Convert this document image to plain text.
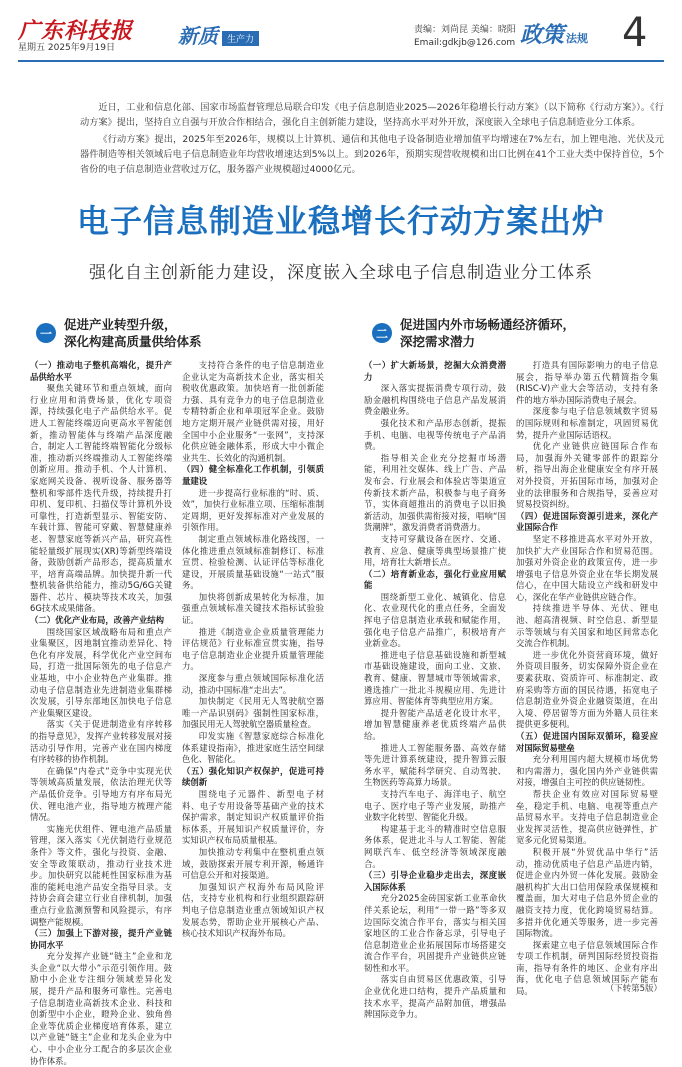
广东科技报
星期五 2025年9月19日	新质 生产力
责编：刘尚昆 美编：晓阳
Email:gdkjb@126.com 政策 法规 4

近日，工业和信息化部、国家市场监督管理总局联合印发《电子信息制造业2025—2026年稳增长行动方案》（以下简称《行动方案》）。《行动方案》提出，坚持自立自强与开放合作相结合，强化自主创新能力建设，坚持高水平对外开放，深度嵌入全球电子信息制造业分工体系。

《行动方案》提出，2025年至2026年，规模以上计算机、通信和其他电子设备制造业增加值平均增速在7%左右，加上锂电池、光伏及元器件制造等相关领域后电子信息制造业年均营收增速达到5%以上。到2026年，预期实现营收规模和出口比例在41个工业大类中保持首位，5个省份的电子信息制造业营收过万亿，服务器产业规模超过4000亿元。

电子信息制造业稳增长行动方案出炉
强化自主创新能力建设，深度嵌入全球电子信息制造业分工体系
一
促进产业转型升级，
深化构建高质量供给体系
二
促进国内外市场畅通经济循环，
深挖需求潜力
（一）推动电子整机高端化，提升产品供给水平

聚焦关键环节和重点领域，面向行业应用和消费场景，优化专项资源，持续强化电子产品供给水平。促进人工智能终端迈向更高水平智能创新，推动智能体与终端产品深度融合，制定人工智能终端智能化分级标准，推动新兴终端推动人工智能终端创新应用。推动手机、个人计算机、家庭网关设备、视听设备、服务器等整机和零部件迭代升级，持续提升打印机、复印机、扫描仪等计算机外设可靠性，打造新型显示、智能安防、车载计算、智能可穿戴、智慧健康养老、智慧家庭等新兴产品，研究高性能轻量级扩展现实(XR)等新型终端设备，鼓励创新产品形态，提高质量水平，培育高端品牌。加快提升新一代整机装备供给能力，推动5G/6G关键器件、芯片、模块等技术攻关，加强6G技术成果储备。

（二）优化产业布局，改善产业结构

围绕国家区域战略布局和重点产业集聚区，因地制宜推动差异化、特色化有序发展，科学优化产业空间布局，打造一批国际领先的电子信息产业基地，中小企业特色产业集群。推动电子信息制造业先进制造业集群梯次发展，引导东部地区加快电子信息产业集聚区建设。

落实《关于促进制造业有序转移的指导意见》，发挥产业转移发展对接活动引导作用，完善产业在国内梯度有序转移的协作机制。

在确保“内卷式”竞争中实现光伏等领域高质量发展，依法治理光伏等产品低价竞争。引导地方有序布局光伏、锂电池产业，指导地方梳理产能情况。

实施光伏组件、锂电池产品质量管理，深入落实《光伏制造行业规范条件》等文件，强化与投资、金融、安全等政策联动，推动行业技术进步。加快研究以能耗性国家标准为基准的能耗电池产品安全指导目录。支持协会商会建立行业自律机制，加强重点行业监测预警和风险提示，有序调整产能规模。

（三）加强上下游对接，提升产业链协同水平

充分发挥产业链“链主”企业和龙头企业“以大带小”示范引领作用。鼓励中小企业专注细分领域差异化发展，提升产品和服务可靠性。完善电子信息制造业高新技术企业、科技和创新型中小企业，瞪羚企业、独角兽企业等优质企业梯度培育体系，建立以产业链“链主”企业和龙头企业为中心、中小企业分工配合的多层次企业协作体系。

支持符合条件的电子信息制造业企业认定为高新技术企业，落实相关税收优惠政策。加快培育一批创新能力强、具有竞争力的电子信息制造业专精特新企业和单项冠军企业。鼓励地方定期开展产业链供需对接，用好全国中小企业服务“一张网”，支持深化供应链金融体系，形成大中小微企业共生、长效化的沟通机制。

（四）健全标准化工作机制，引领质量建设

进一步提高行业标准的“时、质、效”，加快行业标准立项、压缩标准制定周期，更好发挥标准对产业发展的引领作用。

制定重点领域标准化路线图，一体化推进重点领域标准制修订、标准宣贯、检验检测、认证评估等标准化建设，开展质量基础设施“一站式”服务。

加快将创新成果转化为标准，加强重点领域标准关键技术指标试验验证。

推进《制造业企业质量管理能力评估规范》行业标准宣贯实施，指导电子信息制造业企业提升质量管理能力。

深度参与重点领域国际标准化活动，推动中国标准“走出去”。

加快制定《民用无人驾驶航空器唯一产品识别码》强制性国家标准，加强民用无人驾驶航空器质量检查。

印发实施《智慧家庭综合标准化体系建设指南》，推进家庭生活空间绿色化、智能化。

（五）强化知识产权保护，促进可持续创新

围绕电子元器件、新型电子材料、电子专用设备等基础产业的技术保护需求，制定知识产权质量评价指标体系，开展知识产权质量评价，夯实知识产权布局质量根基。

加快推动专利集中在整机重点领域，鼓励探索开展专利开源，畅通许可信息公开和对接渠道。

加强知识产权海外布局风险评估，支持专业机构和行业组织跟踪研判电子信息制造业重点领域知识产权发展态势，帮助企业开展核心产品、核心技术知识产权海外布局。

（一）扩大新场景，挖掘大众消费潜力

深入落实提振消费专项行动，鼓励金融机构围绕电子信息产品发展消费金融业务。

强化技术和产品形态创新，提振手机、电脑、电视等传统电子产品消费。

指导相关企业充分挖掘市场潜能，利用社交媒体、线上广告、产品发布会、行业展会和体验店等渠道宣传新技术新产品，积极参与电子商务节，实体商超推出的消费电子以旧换新活动，加强供需衔接对接，唱响“国货潮牌”，激发消费者消费潜力。

支持可穿戴设备在医疗、交通、教育、应急、健康等典型场景推广使用，培育壮大新增长点。

（二）培育新业态，强化行业应用赋能

围绕新型工业化、城镇化、信息化、农业现代化的重点任务，全面发挥电子信息制造业承载和赋能作用，强化电子信息产品推广，积极培育产业新业态。

推进电子信息基础设施和新型城市基础设施建设，面向工业、文旅、教育、健康、智慧城市等领域需求，遴选推广一批北斗规模应用、先进计算应用、智能体育等典型应用方案。

提升智能产品适老化设计水平，增加智慧健康养老优质终端产品供给。

推进人工智能服务器、高效存储等先进计算系统建设，提升智算云服务水平，赋能科学研究、自动驾驶、生物医药等高算力场景。

支持汽车电子、海洋电子、航空电子、医疗电子等产业发展，助推产业数字化转型、智能化升级。

构建基于北斗的精准时空信息服务体系，促进北斗与人工智能、智能网联汽车、低空经济等领域深度融合。

（三）引导企业稳步走出去，深度嵌入国际体系

充分2025金砖国家新工业革命伙伴关系论坛，利用“一带一路”等多双边国际交流合作平台，落实与相关国家地区的工业合作备忘录，引导电子信息制造业企业拓展国际市场搭建交流合作平台，巩固提升产业链供应链韧性和水平。

落实自由贸易区优惠政策，引导企业优化进口结构，提升产品质量和技术水平，提高产品附加值，增强品牌国际竞争力。

打造具有国际影响力的电子信息展会，指导举办第五代精简指令集(RISC-V)产业大会等活动，支持有条件的地方举办国际消费电子展会。

深度参与电子信息领域数字贸易的国际规则和标准制定，巩固贸易优势，提升产业国际话语权。

优化产业链供应链国际合作布局，加强海外关键零部件的跟踪分析，指导出海企业健康安全有序开展对外投资，开拓国际市场，加强对企业的法律服务和合规指导，妥善应对贸易投资纠纷。

（四）促进国际资源引进来，深化产业国际合作

坚定不移推进高水平对外开放，加快扩大产业国际合作和贸易范围。加强对外资企业的政策宣传，进一步增强电子信息外资企业在华长期发展信心，在中国大陆设立产线和研发中心，深化在华产业链供应链合作。

持续推进半导体、光伏、锂电池、超高清视频、时空信息、新型显示等领域与有关国家和地区间常态化交流合作机制。

进一步优化外资营商环境，做好外资项目服务，切实保障外资企业在要素获取、资质许可、标准制定、政府采购等方面的国民待遇，拓宽电子信息制造业外资企业融资渠道，在出入境、停居留等方面为外籍人员往来提供更多便利。

（五）促进国内国际双循环，稳妥应对国际贸易壁垒

充分利用国内超大规模市场优势和内需潜力，强化国内外产业链供需对接，增强自主可控的供应链韧性。

帮扶企业有效应对国际贸易壁垒，稳定手机、电脑、电视等重点产品贸易水平。支持电子信息制造业企业发挥灵活性，提高供应链弹性，扩宽多元化贸易渠道。

积极开展“外贸优品中华行”活动，推动优质电子信息产品进内销，促进企业内外贸一体化发展。鼓励金融机构扩大出口信用保险承保规模和覆盖面，加大对电子信息外贸企业的融资支持力度，优化跨境贸易结算。多措并优化通关等服务，进一步完善国际物流。

探索建立电子信息领域国际合作专项工作机制，研判国际经贸投资指南，指导有条件的地区、企业有序出海，优化电子信息领域国际产能布局。	（下转第5版）
